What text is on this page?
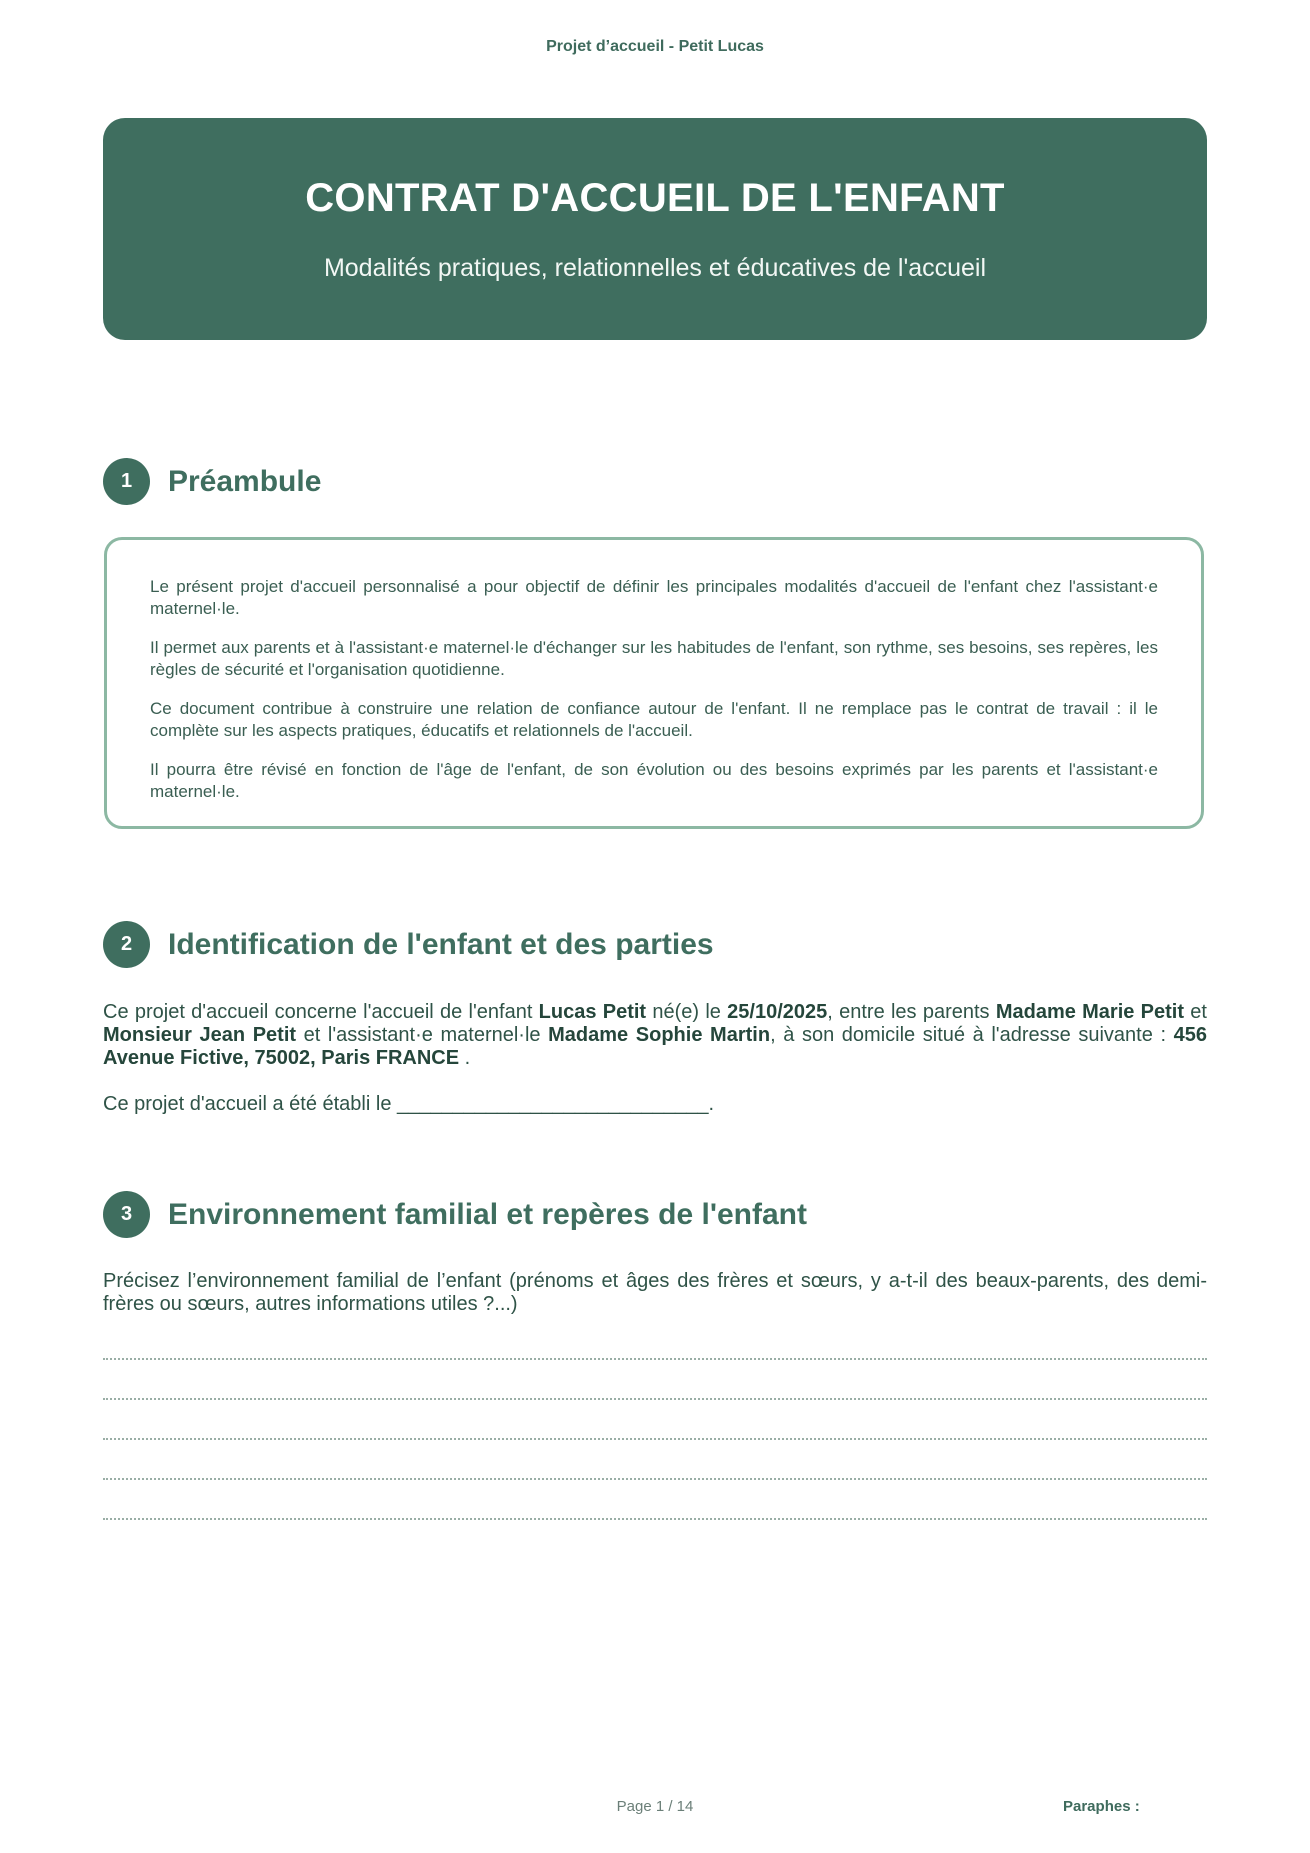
Projet d’accueil - Petit Lucas
CONTRAT D'ACCUEIL DE L'ENFANT
Modalités pratiques, relationnelles et éducatives de l'accueil
1	Préambule

Le présent projet d'accueil personnalisé a pour objectif de définir les principales modalités d'accueil de l'enfant chez l'assistant·e maternel·le.

Il permet aux parents et à l'assistant·e maternel·le d'échanger sur les habitudes de l'enfant, son rythme, ses besoins, ses repères, les règles de sécurité et l'organisation quotidienne.

Ce document contribue à construire une relation de confiance autour de l'enfant. Il ne remplace pas le contrat de travail : il le complète sur les aspects pratiques, éducatifs et relationnels de l'accueil.

Il pourra être révisé en fonction de l'âge de l'enfant, de son évolution ou des besoins exprimés par les parents et l'assistant·e maternel·le.

2	Identification de l'enfant et des parties
Ce projet d'accueil concerne l'accueil de l'enfant Lucas Petit né(e) le 25/10/2025, entre les parents Madame Marie Petit et Monsieur Jean Petit et l'assistant·e maternel·le Madame Sophie Martin, à son domicile situé à l'adresse suivante : 456 Avenue Fictive, 75002, Paris FRANCE .
Ce projet d'accueil a été établi le ____________________________.
3	Environnement familial et repères de l'enfant
Précisez l’environnement familial de l’enfant (prénoms et âges des frères et sœurs, y a-t-il des beaux-parents, des demi-frères ou sœurs, autres informations utiles ?...)
Page 1 / 14	Paraphes :
